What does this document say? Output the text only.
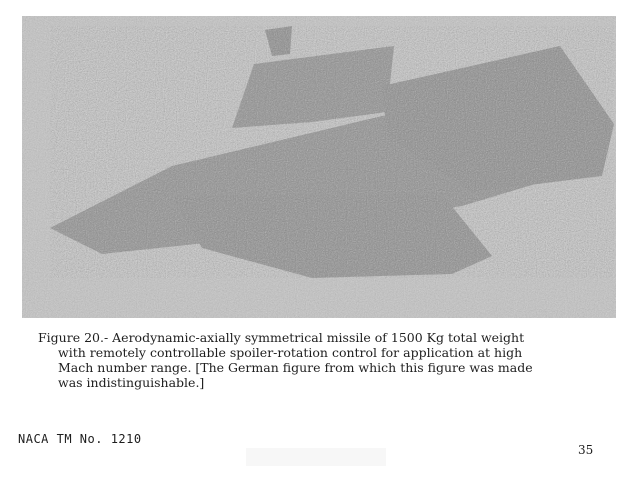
Figure 20.- Aerodynamic-axially symmetrical missile of 1500 Kg total weight
with remotely controllable spoiler-rotation control for application at high
Mach number range. [The German figure from which this figure was made
was indistinguishable.]

NACA TM No. 1210
35
